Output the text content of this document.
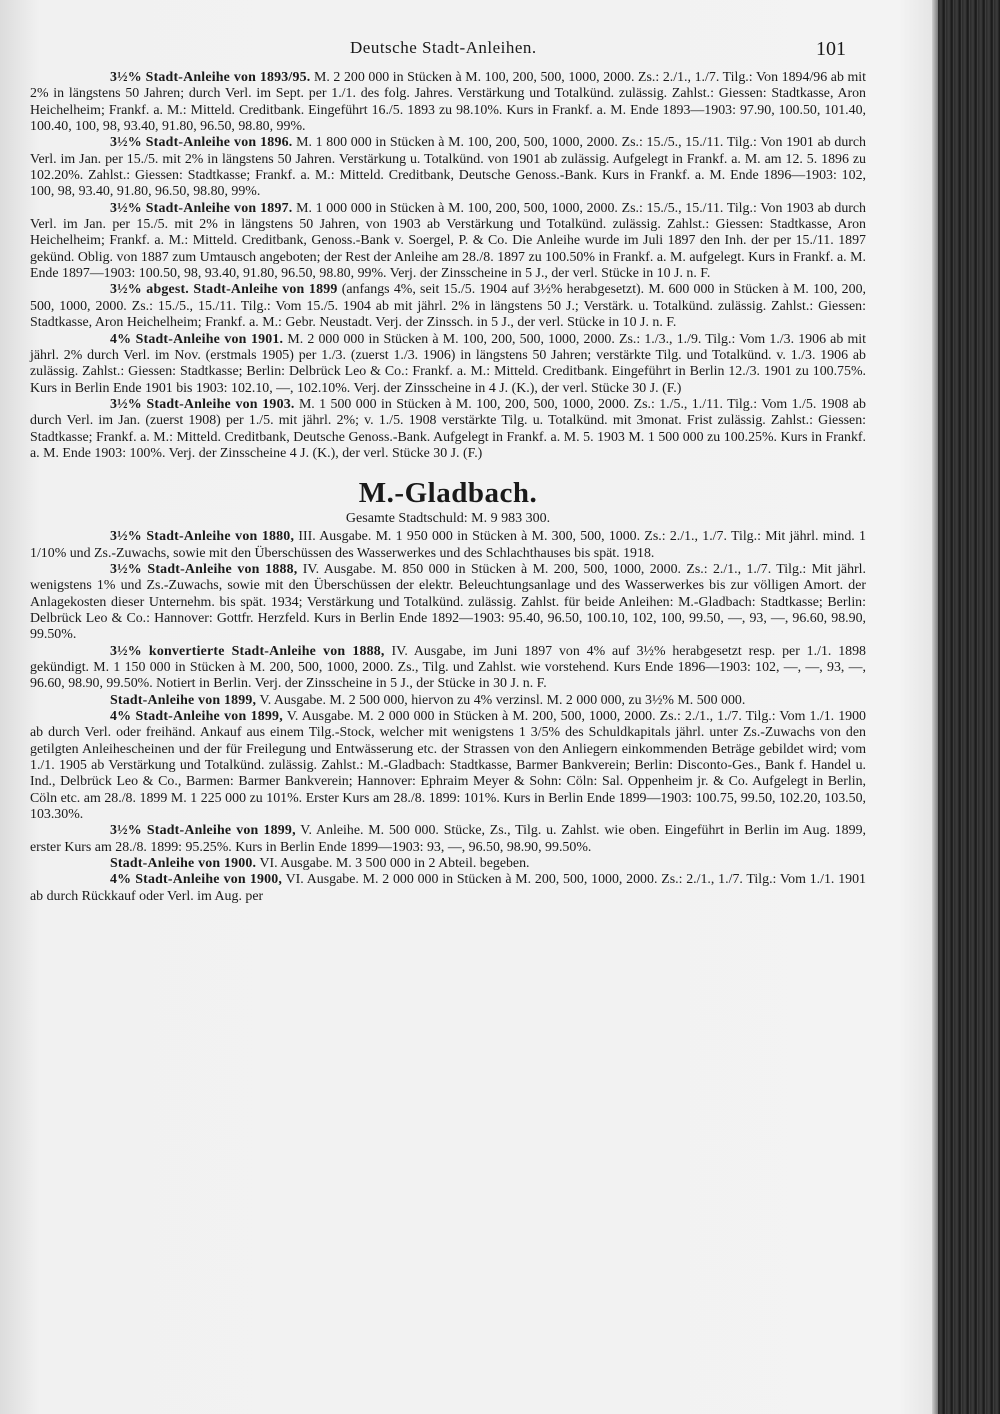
Deutsche Stadt-Anleihen.	101

3½% Stadt-Anleihe von 1893/95. M. 2 200 000 in Stücken à M. 100, 200, 500, 1000, 2000. Zs.: 2./1., 1./7. Tilg.: Von 1894/96 ab mit 2% in längstens 50 Jahren; durch Verl. im Sept. per 1./1. des folg. Jahres. Verstärkung und Totalkünd. zulässig. Zahlst.: Giessen: Stadtkasse, Aron Heichelheim; Frankf. a. M.: Mitteld. Creditbank. Eingeführt 16./5. 1893 zu 98.10%. Kurs in Frankf. a. M. Ende 1893—1903: 97.90, 100.50, 101.40, 100.40, 100, 98, 93.40, 91.80, 96.50, 98.80, 99%.

3½% Stadt-Anleihe von 1896. M. 1 800 000 in Stücken à M. 100, 200, 500, 1000, 2000. Zs.: 15./5., 15./11. Tilg.: Von 1901 ab durch Verl. im Jan. per 15./5. mit 2% in längstens 50 Jahren. Verstärkung u. Totalkünd. von 1901 ab zulässig. Aufgelegt in Frankf. a. M. am 12. 5. 1896 zu 102.20%. Zahlst.: Giessen: Stadtkasse; Frankf. a. M.: Mitteld. Creditbank, Deutsche Genoss.-Bank. Kurs in Frankf. a. M. Ende 1896—1903: 102, 100, 98, 93.40, 91.80, 96.50, 98.80, 99%.

3½% Stadt-Anleihe von 1897. M. 1 000 000 in Stücken à M. 100, 200, 500, 1000, 2000. Zs.: 15./5., 15./11. Tilg.: Von 1903 ab durch Verl. im Jan. per 15./5. mit 2% in längstens 50 Jahren, von 1903 ab Verstärkung und Totalkünd. zulässig. Zahlst.: Giessen: Stadtkasse, Aron Heichelheim; Frankf. a. M.: Mitteld. Creditbank, Genoss.-Bank v. Soergel, P. & Co. Die Anleihe wurde im Juli 1897 den Inh. der per 15./11. 1897 gekünd. Oblig. von 1887 zum Umtausch angeboten; der Rest der Anleihe am 28./8. 1897 zu 100.50% in Frankf. a. M. aufgelegt. Kurs in Frankf. a. M. Ende 1897—1903: 100.50, 98, 93.40, 91.80, 96.50, 98.80, 99%. Verj. der Zinsscheine in 5 J., der verl. Stücke in 10 J. n. F.

3½% abgest. Stadt-Anleihe von 1899 (anfangs 4%, seit 15./5. 1904 auf 3½% herabgesetzt). M. 600 000 in Stücken à M. 100, 200, 500, 1000, 2000. Zs.: 15./5., 15./11. Tilg.: Vom 15./5. 1904 ab mit jährl. 2% in längstens 50 J.; Verstärk. u. Totalkünd. zulässig. Zahlst.: Giessen: Stadtkasse, Aron Heichelheim; Frankf. a. M.: Gebr. Neustadt. Verj. der Zinssch. in 5 J., der verl. Stücke in 10 J. n. F.

4% Stadt-Anleihe von 1901. M. 2 000 000 in Stücken à M. 100, 200, 500, 1000, 2000. Zs.: 1./3., 1./9. Tilg.: Vom 1./3. 1906 ab mit jährl. 2% durch Verl. im Nov. (erstmals 1905) per 1./3. (zuerst 1./3. 1906) in längstens 50 Jahren; verstärkte Tilg. und Totalkünd. v. 1./3. 1906 ab zulässig. Zahlst.: Giessen: Stadtkasse; Berlin: Delbrück Leo & Co.: Frankf. a. M.: Mitteld. Creditbank. Eingeführt in Berlin 12./3. 1901 zu 100.75%. Kurs in Berlin Ende 1901 bis 1903: 102.10, —, 102.10%. Verj. der Zinsscheine in 4 J. (K.), der verl. Stücke 30 J. (F.)

3½% Stadt-Anleihe von 1903. M. 1 500 000 in Stücken à M. 100, 200, 500, 1000, 2000. Zs.: 1./5., 1./11. Tilg.: Vom 1./5. 1908 ab durch Verl. im Jan. (zuerst 1908) per 1./5. mit jährl. 2%; v. 1./5. 1908 verstärkte Tilg. u. Totalkünd. mit 3monat. Frist zulässig. Zahlst.: Giessen: Stadtkasse; Frankf. a. M.: Mitteld. Creditbank, Deutsche Genoss.-Bank. Aufgelegt in Frankf. a. M. 5. 1903 M. 1 500 000 zu 100.25%. Kurs in Frankf. a. M. Ende 1903: 100%. Verj. der Zinsscheine 4 J. (K.), der verl. Stücke 30 J. (F.)

M.-Gladbach.
Gesamte Stadtschuld: M. 9 983 300.

3½% Stadt-Anleihe von 1880, III. Ausgabe. M. 1 950 000 in Stücken à M. 300, 500, 1000. Zs.: 2./1., 1./7. Tilg.: Mit jährl. mind. 1 1/10% und Zs.-Zuwachs, sowie mit den Überschüssen des Wasserwerkes und des Schlachthauses bis spät. 1918.

3½% Stadt-Anleihe von 1888, IV. Ausgabe. M. 850 000 in Stücken à M. 200, 500, 1000, 2000. Zs.: 2./1., 1./7. Tilg.: Mit jährl. wenigstens 1% und Zs.-Zuwachs, sowie mit den Überschüssen der elektr. Beleuchtungsanlage und des Wasserwerkes bis zur völligen Amort. der Anlagekosten dieser Unternehm. bis spät. 1934; Verstärkung und Totalkünd. zulässig. Zahlst. für beide Anleihen: M.-Gladbach: Stadtkasse; Berlin: Delbrück Leo & Co.: Hannover: Gottfr. Herzfeld. Kurs in Berlin Ende 1892—1903: 95.40, 96.50, 100.10, 102, 100, 99.50, —, 93, —, 96.60, 98.90, 99.50%.

3½% konvertierte Stadt-Anleihe von 1888, IV. Ausgabe, im Juni 1897 von 4% auf 3½% herabgesetzt resp. per 1./1. 1898 gekündigt. M. 1 150 000 in Stücken à M. 200, 500, 1000, 2000. Zs., Tilg. und Zahlst. wie vorstehend. Kurs Ende 1896—1903: 102, —, —, 93, —, 96.60, 98.90, 99.50%. Notiert in Berlin. Verj. der Zinsscheine in 5 J., der Stücke in 30 J. n. F.

Stadt-Anleihe von 1899, V. Ausgabe. M. 2 500 000, hiervon zu 4% verzinsl. M. 2 000 000, zu 3½% M. 500 000.

4% Stadt-Anleihe von 1899, V. Ausgabe. M. 2 000 000 in Stücken à M. 200, 500, 1000, 2000. Zs.: 2./1., 1./7. Tilg.: Vom 1./1. 1900 ab durch Verl. oder freihänd. Ankauf aus einem Tilg.-Stock, welcher mit wenigstens 1 3/5% des Schuldkapitals jährl. unter Zs.-Zuwachs von den getilgten Anleihescheinen und der für Freilegung und Entwässerung etc. der Strassen von den Anliegern einkommenden Beträge gebildet wird; vom 1./1. 1905 ab Verstärkung und Totalkünd. zulässig. Zahlst.: M.-Gladbach: Stadtkasse, Barmer Bankverein; Berlin: Disconto-Ges., Bank f. Handel u. Ind., Delbrück Leo & Co., Barmen: Barmer Bankverein; Hannover: Ephraim Meyer & Sohn: Cöln: Sal. Oppenheim jr. & Co. Aufgelegt in Berlin, Cöln etc. am 28./8. 1899 M. 1 225 000 zu 101%. Erster Kurs am 28./8. 1899: 101%. Kurs in Berlin Ende 1899—1903: 100.75, 99.50, 102.20, 103.50, 103.30%.

3½% Stadt-Anleihe von 1899, V. Anleihe. M. 500 000. Stücke, Zs., Tilg. u. Zahlst. wie oben. Eingeführt in Berlin im Aug. 1899, erster Kurs am 28./8. 1899: 95.25%. Kurs in Berlin Ende 1899—1903: 93, —, 96.50, 98.90, 99.50%.

Stadt-Anleihe von 1900. VI. Ausgabe. M. 3 500 000 in 2 Abteil. begeben.

4% Stadt-Anleihe von 1900, VI. Ausgabe. M. 2 000 000 in Stücken à M. 200, 500, 1000, 2000. Zs.: 2./1., 1./7. Tilg.: Vom 1./1. 1901 ab durch Rückkauf oder Verl. im Aug. per
